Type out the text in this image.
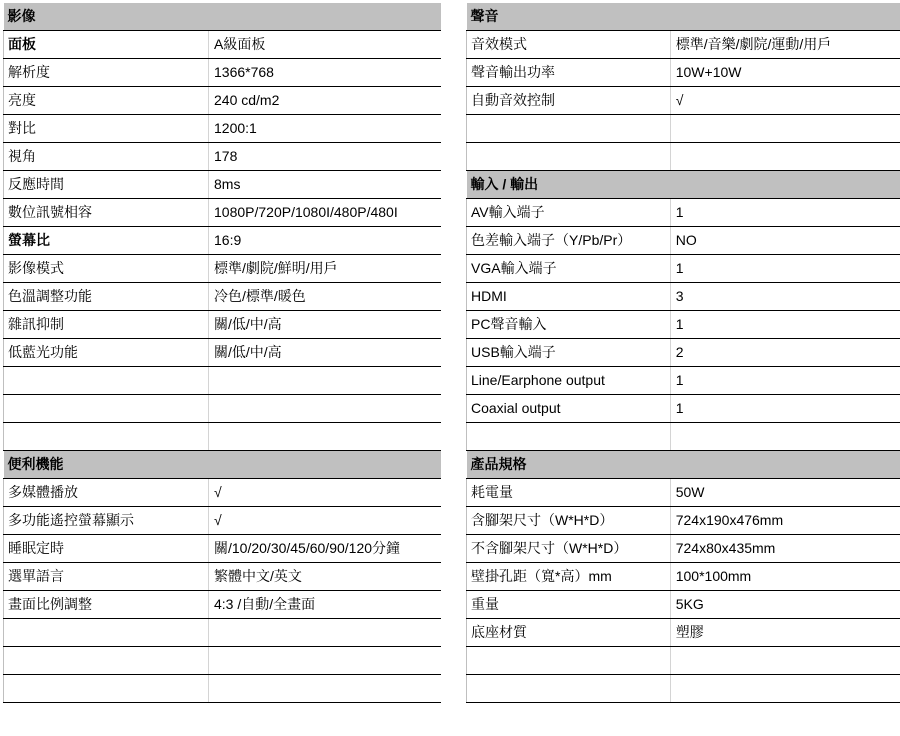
影像	
面板	A級面板
解析度	1366*768
亮度	240 cd/m2
對比	1200:1
視角	178
反應時間	8ms
數位訊號相容	1080P/720P/1080I/480P/480I
螢幕比	16:9
影像模式	標準/劇院/鮮明/用戶
色溫調整功能	冷色/標準/暖色
雜訊抑制	關/低/中/高
低藍光功能	關/低/中/高

便利機能	
多媒體播放	√
多功能遙控螢幕顯示	√
睡眠定時	關/10/20/30/45/60/90/120分鐘
選單語言	繁體中文/英文
畫面比例調整	4:3 /自動/全畫面

聲音	
音效模式	標準/音樂/劇院/運動/用戶
聲音輸出功率	10W+10W
自動音效控制	√

輸入 / 輸出	
AV輸入端子	1
色差輸入端子（Y/Pb/Pr）	NO
VGA輸入端子	1
HDMI	3
PC聲音輸入	1
USB輸入端子	2
Line/Earphone output	1
Coaxial output	1

產品規格	
耗電量	50W
含腳架尺寸（W*H*D）	724x190x476mm
不含腳架尺寸（W*H*D）	724x80x435mm
壁掛孔距（寬*高）mm	100*100mm
重量	5KG
底座材質	塑膠
